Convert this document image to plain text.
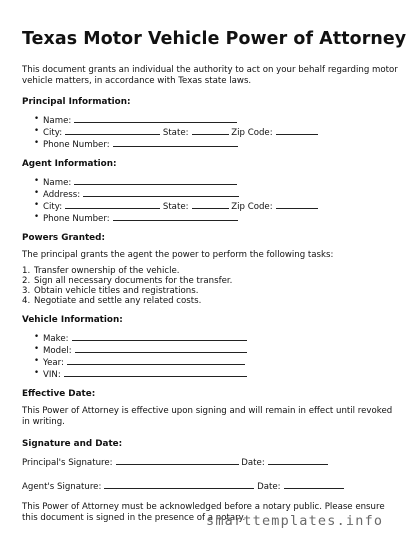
Texas Motor Vehicle Power of Attorney

This document grants an individual the authority to act on your behalf regarding motor vehicle matters, in accordance with Texas state laws.

Principal Information:
• Name:
• City:	State:	Zip Code:
• Phone Number:
Agent Information:
• Name:
• Address:
• City:	State:	Zip Code:
• Phone Number:
Powers Granted:

The principal grants the agent the power to perform the following tasks:

Transfer ownership of the vehicle.
Sign all necessary documents for the transfer.
Obtain vehicle titles and registrations.
Negotiate and settle any related costs.
Vehicle Information:
• Make:
• Model:
• Year:
• VIN:
Effective Date:

This Power of Attorney is effective upon signing and will remain in effect until revoked in writing.

Signature and Date:
Principal's Signature:	Date:
Agent's Signature:	Date:

This Power of Attorney must be acknowledged before a notary public. Please ensure this document is signed in the presence of a notary.

smarttemplates.info
